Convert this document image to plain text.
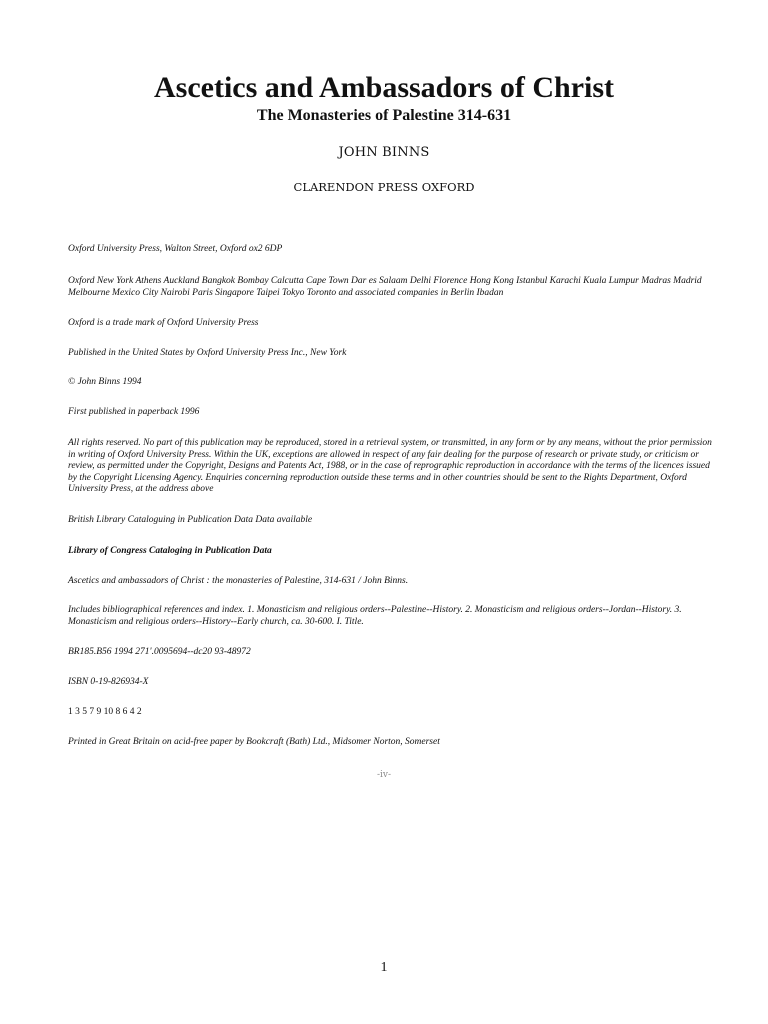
Ascetics and Ambassadors of Christ
The Monasteries of Palestine 314-631
JOHN BINNS
CLARENDON PRESS OXFORD
Oxford University Press, Walton Street, Oxford ox2 6DP
Oxford New York Athens Auckland Bangkok Bombay Calcutta Cape Town Dar es Salaam Delhi Florence Hong Kong Istanbul Karachi Kuala Lumpur Madras Madrid Melbourne Mexico City Nairobi Paris Singapore Taipei Tokyo Toronto and associated companies in Berlin Ibadan
Oxford is a trade mark of Oxford University Press
Published in the United States by Oxford University Press Inc., New York
© John Binns 1994
First published in paperback 1996
All rights reserved. No part of this publication may be reproduced, stored in a retrieval system, or transmitted, in any form or by any means, without the prior permission in writing of Oxford University Press. Within the UK, exceptions are allowed in respect of any fair dealing for the purpose of research or private study, or criticism or review, as permitted under the Copyright, Designs and Patents Act, 1988, or in the case of reprographic reproduction in accordance with the terms of the licences issued by the Copyright Licensing Agency. Enquiries concerning reproduction outside these terms and in other countries should be sent to the Rights Department, Oxford University Press, at the address above
British Library Cataloguing in Publication Data Data available
Library of Congress Cataloging in Publication Data
Ascetics and ambassadors of Christ : the monasteries of Palestine, 314-631 / John Binns.
Includes bibliographical references and index. 1. Monasticism and religious orders--Palestine--History. 2. Monasticism and religious orders--Jordan--History. 3. Monasticism and religious orders--History--Early church, ca. 30-600. I. Title.
BR185.B56 1994 271'.0095694--dc20 93-48972
ISBN 0-19-826934-X
1 3 5 7 9 10 8 6 4 2
Printed in Great Britain on acid-free paper by Bookcraft (Bath) Ltd., Midsomer Norton, Somerset
-iv-
1
